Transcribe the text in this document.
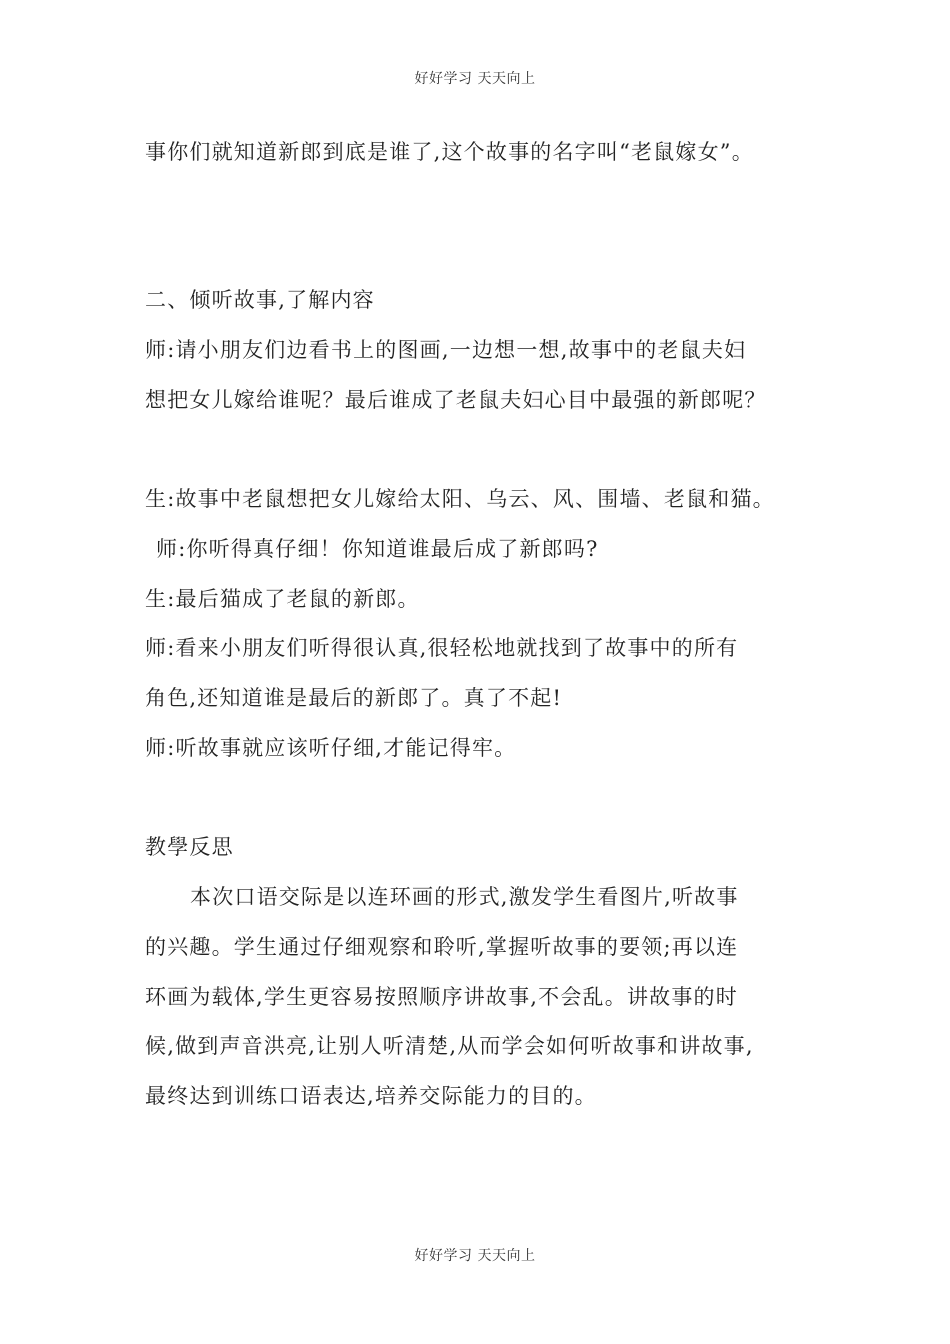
好好学习 天天向上
事你们就知道新郎到底是谁了,这个故事的名字叫“老鼠嫁女”。
二、倾听故事,了解内容
师:请小朋友们边看书上的图画,一边想一想,故事中的老鼠夫妇
想把女儿嫁给谁呢？最后谁成了老鼠夫妇心目中最强的新郎呢？
生:故事中老鼠想把女儿嫁给太阳、乌云、风、围墙、老鼠和猫。
师:你听得真仔细！你知道谁最后成了新郎吗?
生:最后猫成了老鼠的新郎。
师:看来小朋友们听得很认真,很轻松地就找到了故事中的所有
角色,还知道谁是最后的新郎了。真了不起!
师:听故事就应该听仔细,才能记得牢。
教學反思
本次口语交际是以连环画的形式,激发学生看图片,听故事
的兴趣。学生通过仔细观察和聆听,掌握听故事的要领;再以连
环画为载体,学生更容易按照顺序讲故事,不会乱。讲故事的时
候,做到声音洪亮,让别人听清楚,从而学会如何听故事和讲故事,
最终达到训练口语表达,培养交际能力的目的。
好好学习 天天向上
